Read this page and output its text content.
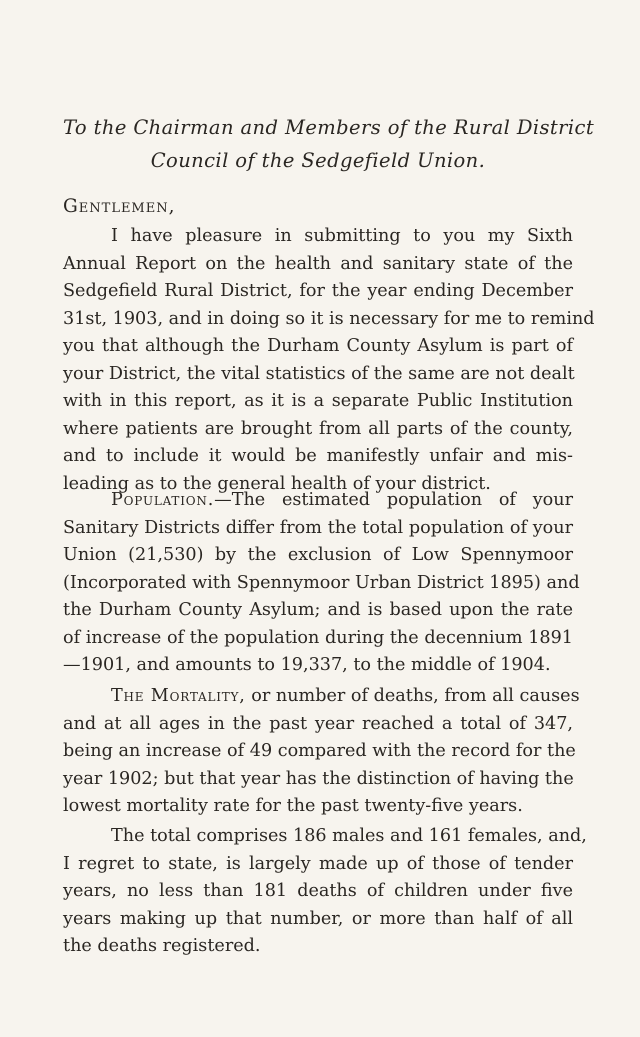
To the Chairman and Members of the Rural District
Council of the Sedgefield Union.
Gentlemen,
I have pleasure in submitting to you my Sixth
Annual Report on the health and sanitary state of the
Sedgefield Rural District, for the year ending December
31st, 1903, and in doing so it is necessary for me to remind
you that although the Durham County Asylum is part of
your District, the vital statistics of the same are not dealt
with in this report, as it is a separate Public Institution
where patients are brought from all parts of the county,
and to include it would be manifestly unfair and mis-
leading as to the general health of your district.
Population.—The estimated population of your
Sanitary Districts differ from the total population of your
Union (21,530) by the exclusion of Low Spennymoor
(Incorporated with Spennymoor Urban District 1895) and
the Durham County Asylum; and is based upon the rate
of increase of the population during the decennium 1891
—1901, and amounts to 19,337, to the middle of 1904.
The Mortality, or number of deaths, from all causes
and at all ages in the past year reached a total of 347,
being an increase of 49 compared with the record for the
year 1902; but that year has the distinction of having the
lowest mortality rate for the past twenty-five years.
The total comprises 186 males and 161 females, and,
I regret to state, is largely made up of those of tender
years, no less than 181 deaths of children under five
years making up that number, or more than half of all
the deaths registered.
